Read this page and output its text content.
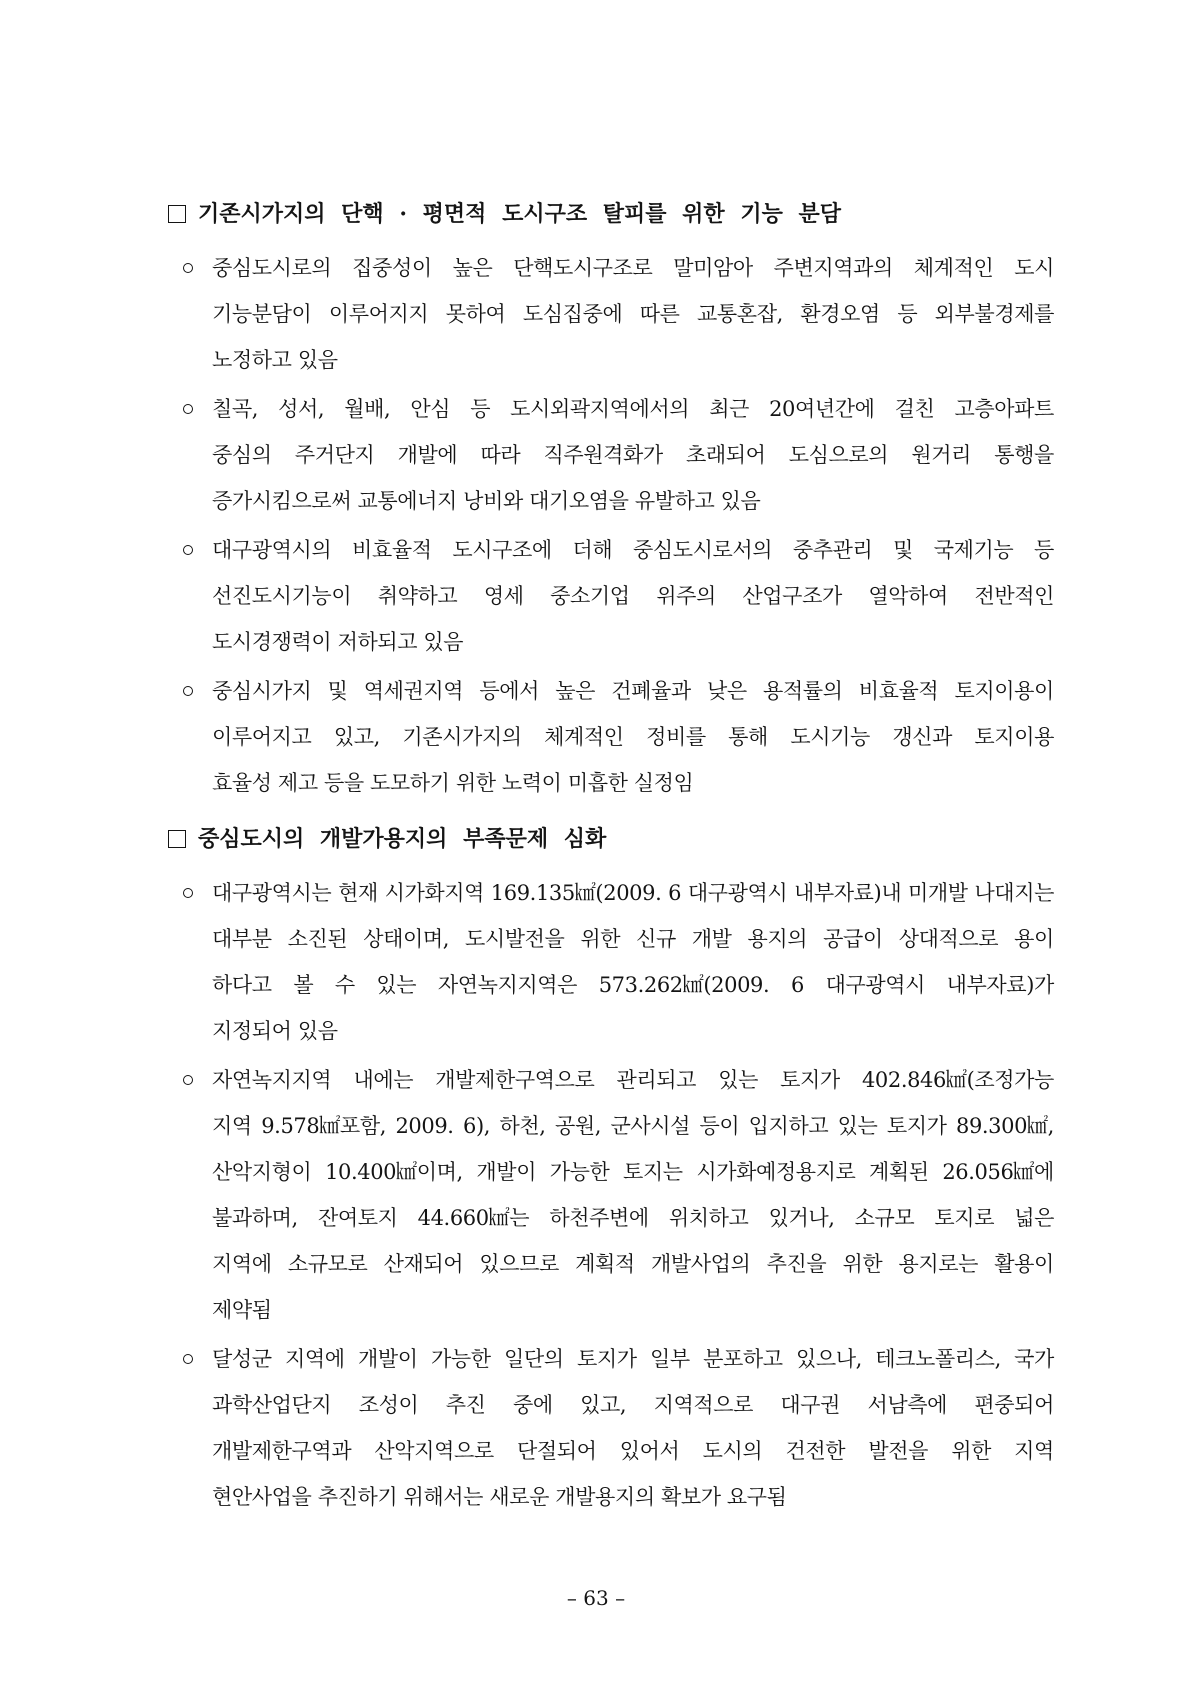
기존시가지의 단핵 · 평면적 도시구조 탈피를 위한 기능 분담
중심도시로의 집중성이 높은 단핵도시구조로 말미암아 주변지역과의 체계적인 도시
기능분담이 이루어지지 못하여 도심집중에 따른 교통혼잡, 환경오염 등 외부불경제를
노정하고 있음
칠곡, 성서, 월배, 안심 등 도시외곽지역에서의 최근 20여년간에 걸친 고층아파트
중심의 주거단지 개발에 따라 직주원격화가 초래되어 도심으로의 원거리 통행을
증가시킴으로써 교통에너지 낭비와 대기오염을 유발하고 있음
대구광역시의 비효율적 도시구조에 더해 중심도시로서의 중추관리 및 국제기능 등
선진도시기능이 취약하고 영세 중소기업 위주의 산업구조가 열악하여 전반적인
도시경쟁력이 저하되고 있음
중심시가지 및 역세권지역 등에서 높은 건폐율과 낮은 용적률의 비효율적 토지이용이
이루어지고 있고, 기존시가지의 체계적인 정비를 통해 도시기능 갱신과 토지이용
효율성 제고 등을 도모하기 위한 노력이 미흡한 실정임
중심도시의 개발가용지의 부족문제 심화
대구광역시는 현재 시가화지역 169.135㎢(2009. 6 대구광역시 내부자료)내 미개발 나대지는
대부분 소진된 상태이며, 도시발전을 위한 신규 개발 용지의 공급이 상대적으로 용이
하다고 볼 수 있는 자연녹지지역은 573.262㎢(2009. 6 대구광역시 내부자료)가
지정되어 있음
자연녹지지역 내에는 개발제한구역으로 관리되고 있는 토지가 402.846㎢(조정가능
지역 9.578㎢포함, 2009. 6), 하천, 공원, 군사시설 등이 입지하고 있는 토지가 89.300㎢,
산악지형이 10.400㎢이며, 개발이 가능한 토지는 시가화예정용지로 계획된 26.056㎢에
불과하며, 잔여토지 44.660㎢는 하천주변에 위치하고 있거나, 소규모 토지로 넓은
지역에 소규모로 산재되어 있으므로 계획적 개발사업의 추진을 위한 용지로는 활용이
제약됨
달성군 지역에 개발이 가능한 일단의 토지가 일부 분포하고 있으나, 테크노폴리스, 국가
과학산업단지 조성이 추진 중에 있고, 지역적으로 대구권 서남측에 편중되어
개발제한구역과 산악지역으로 단절되어 있어서 도시의 건전한 발전을 위한 지역
현안사업을 추진하기 위해서는 새로운 개발용지의 확보가 요구됨
– 63 –
